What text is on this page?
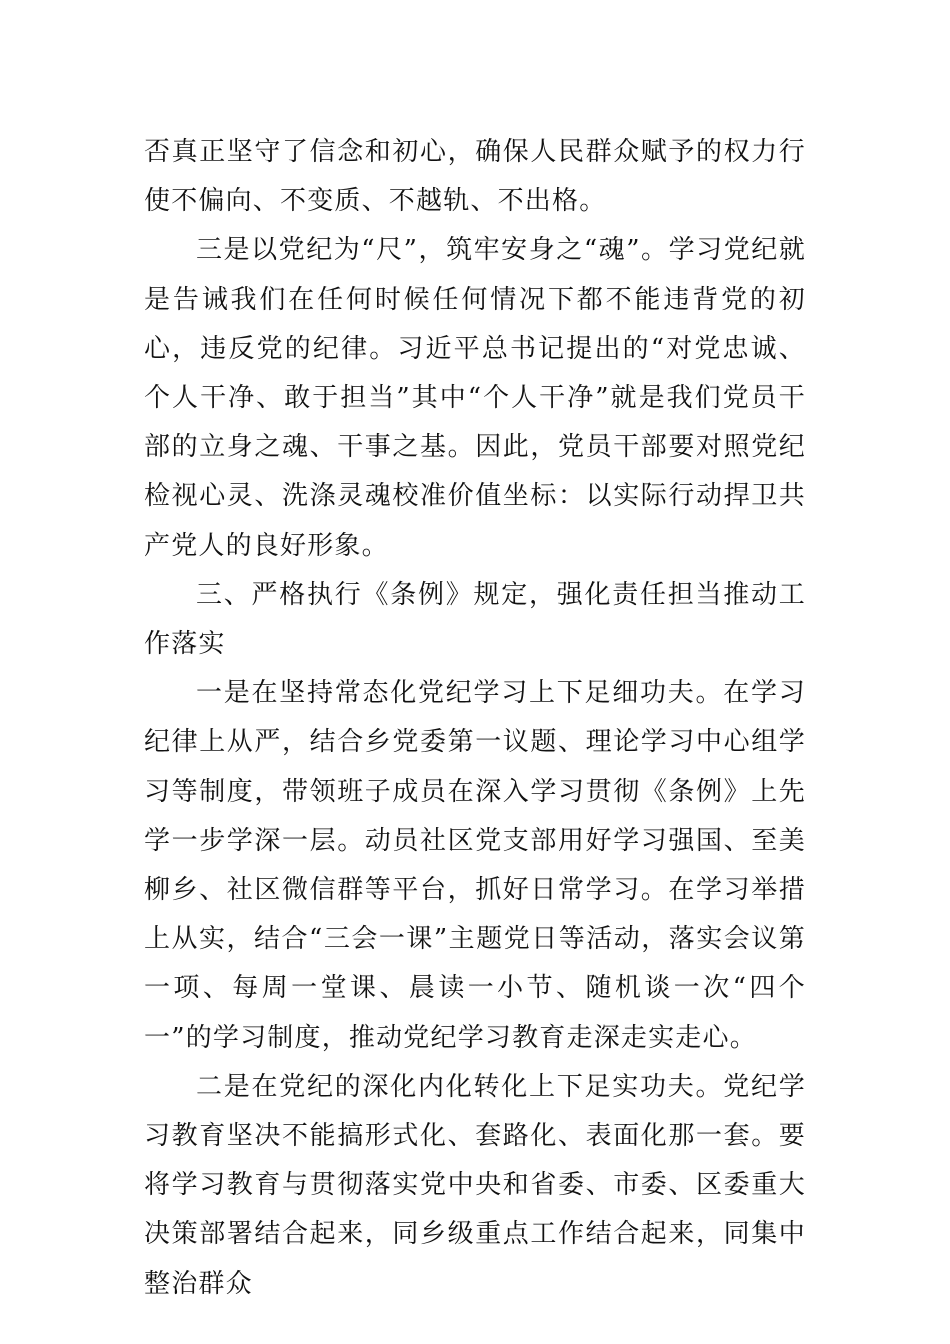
否真正坚守了信念和初心，确保人民群众赋予的权力行使不偏向、不变质、不越轨、不出格。

三是以党纪为“尺”，筑牢安身之“魂”。学习党纪就是告诫我们在任何时候任何情况下都不能违背党的初心，违反党的纪律。习近平总书记提出的“对党忠诚、个人干净、敢于担当”其中“个人干净”就是我们党员干部的立身之魂、干事之基。因此，党员干部要对照党纪检视心灵、洗涤灵魂校准价值坐标：以实际行动捍卫共产党人的良好形象。

三、严格执行《条例》规定，强化责任担当推动工作落实

一是在坚持常态化党纪学习上下足细功夫。在学习纪律上从严，结合乡党委第一议题、理论学习中心组学习等制度，带领班子成员在深入学习贯彻《条例》上先学一步学深一层。动员社区党支部用好学习强国、至美柳乡、社区微信群等平台，抓好日常学习。在学习举措上从实，结合“三会一课”主题党日等活动，落实会议第一项、每周一堂课、晨读一小节、随机谈一次“四个一”的学习制度，推动党纪学习教育走深走实走心。

二是在党纪的深化内化转化上下足实功夫。党纪学习教育坚决不能搞形式化、套路化、表面化那一套。要将学习教育与贯彻落实党中央和省委、市委、区委重大决策部署结合起来，同乡级重点工作结合起来，同集中整治群众
